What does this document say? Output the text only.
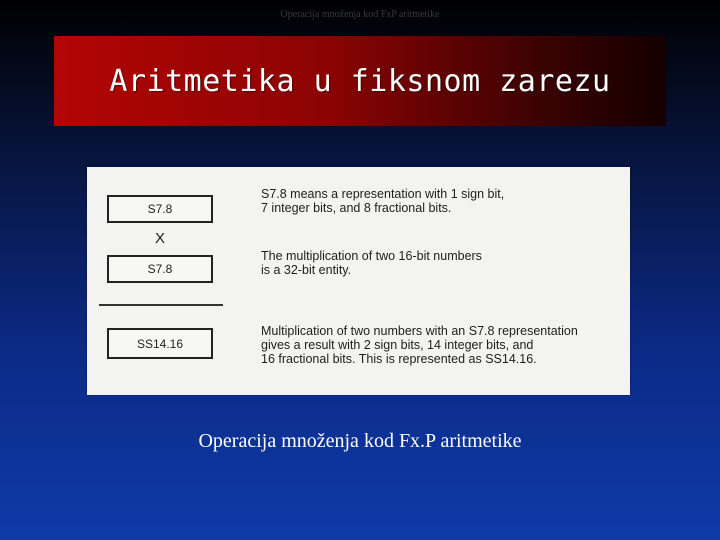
Operacija množenja kod FxP aritmetike
Aritmetika u fiksnom zarezu
S7.8
X
S7.8
SS14.16
S7.8 means a representation with 1 sign bit,
7 integer bits, and 8 fractional bits.
The multiplication of two 16-bit numbers
is a 32-bit entity.
Multiplication of two numbers with an S7.8 representation
gives a result with 2 sign bits, 14 integer bits, and
16 fractional bits. This is represented as SS14.16.
Operacija množenja kod Fx.P aritmetike
